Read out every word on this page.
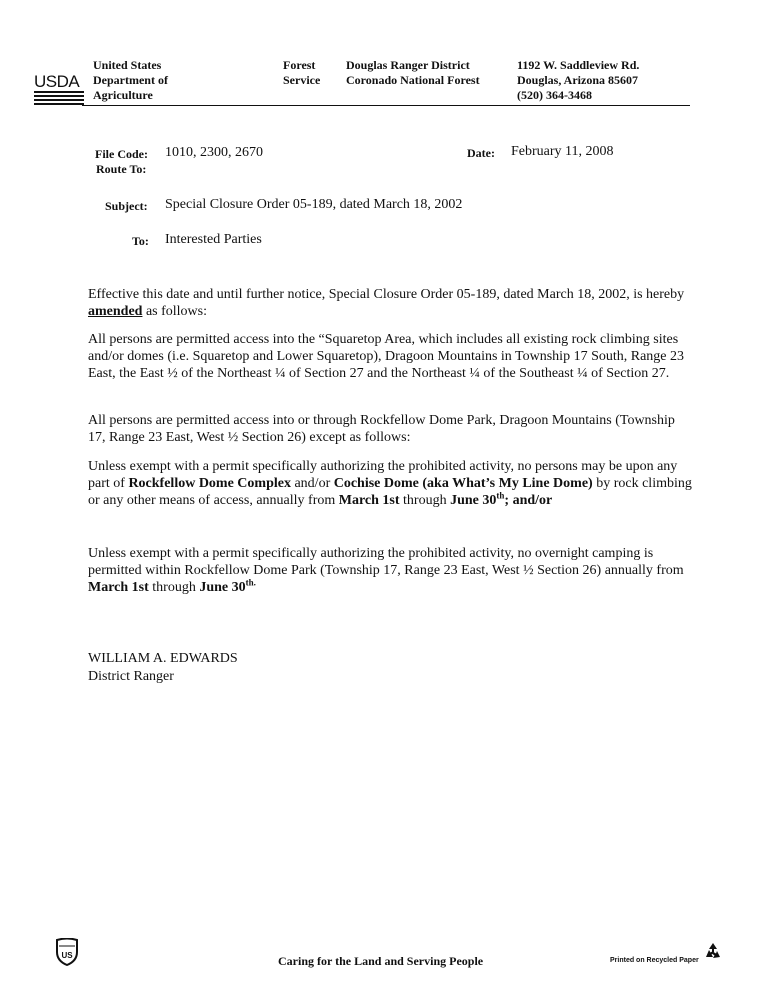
USDA
United States
Department of
Agriculture
Forest
Service
Douglas Ranger District
Coronado National Forest
1192 W. Saddleview Rd.
Douglas, Arizona 85607
(520) 364-3468
File Code: 1010, 2300, 2670
Route To:
Date: February 11, 2008
Subject: Special Closure Order 05-189, dated March 18, 2002
To: Interested Parties

Effective this date and until further notice, Special Closure Order 05-189, dated March 18, 2002, is hereby amended as follows:

All persons are permitted access into the “Squaretop Area, which includes all existing rock climbing sites and/or domes (i.e. Squaretop and Lower Squaretop), Dragoon Mountains in Township 17 South, Range 23 East, the East ½ of the Northeast ¼ of Section 27 and the Northeast ¼ of the Southeast ¼ of Section 27.

All persons are permitted access into or through Rockfellow Dome Park, Dragoon Mountains (Township 17, Range 23 East, West ½ Section 26) except as follows:

Unless exempt with a permit specifically authorizing the prohibited activity, no persons may be upon any part of Rockfellow Dome Complex and/or Cochise Dome (aka What’s My Line Dome) by rock climbing or any other means of access, annually from March 1st through June 30th; and/or

Unless exempt with a permit specifically authorizing the prohibited activity, no overnight camping is permitted within Rockfellow Dome Park (Township 17, Range 23 East, West ½ Section 26) annually from March 1st through June $30^{th.}$

WILLIAM A. EDWARDS
District Ranger
US	Caring for the Land and Serving People	Printed on Recycled Paper
